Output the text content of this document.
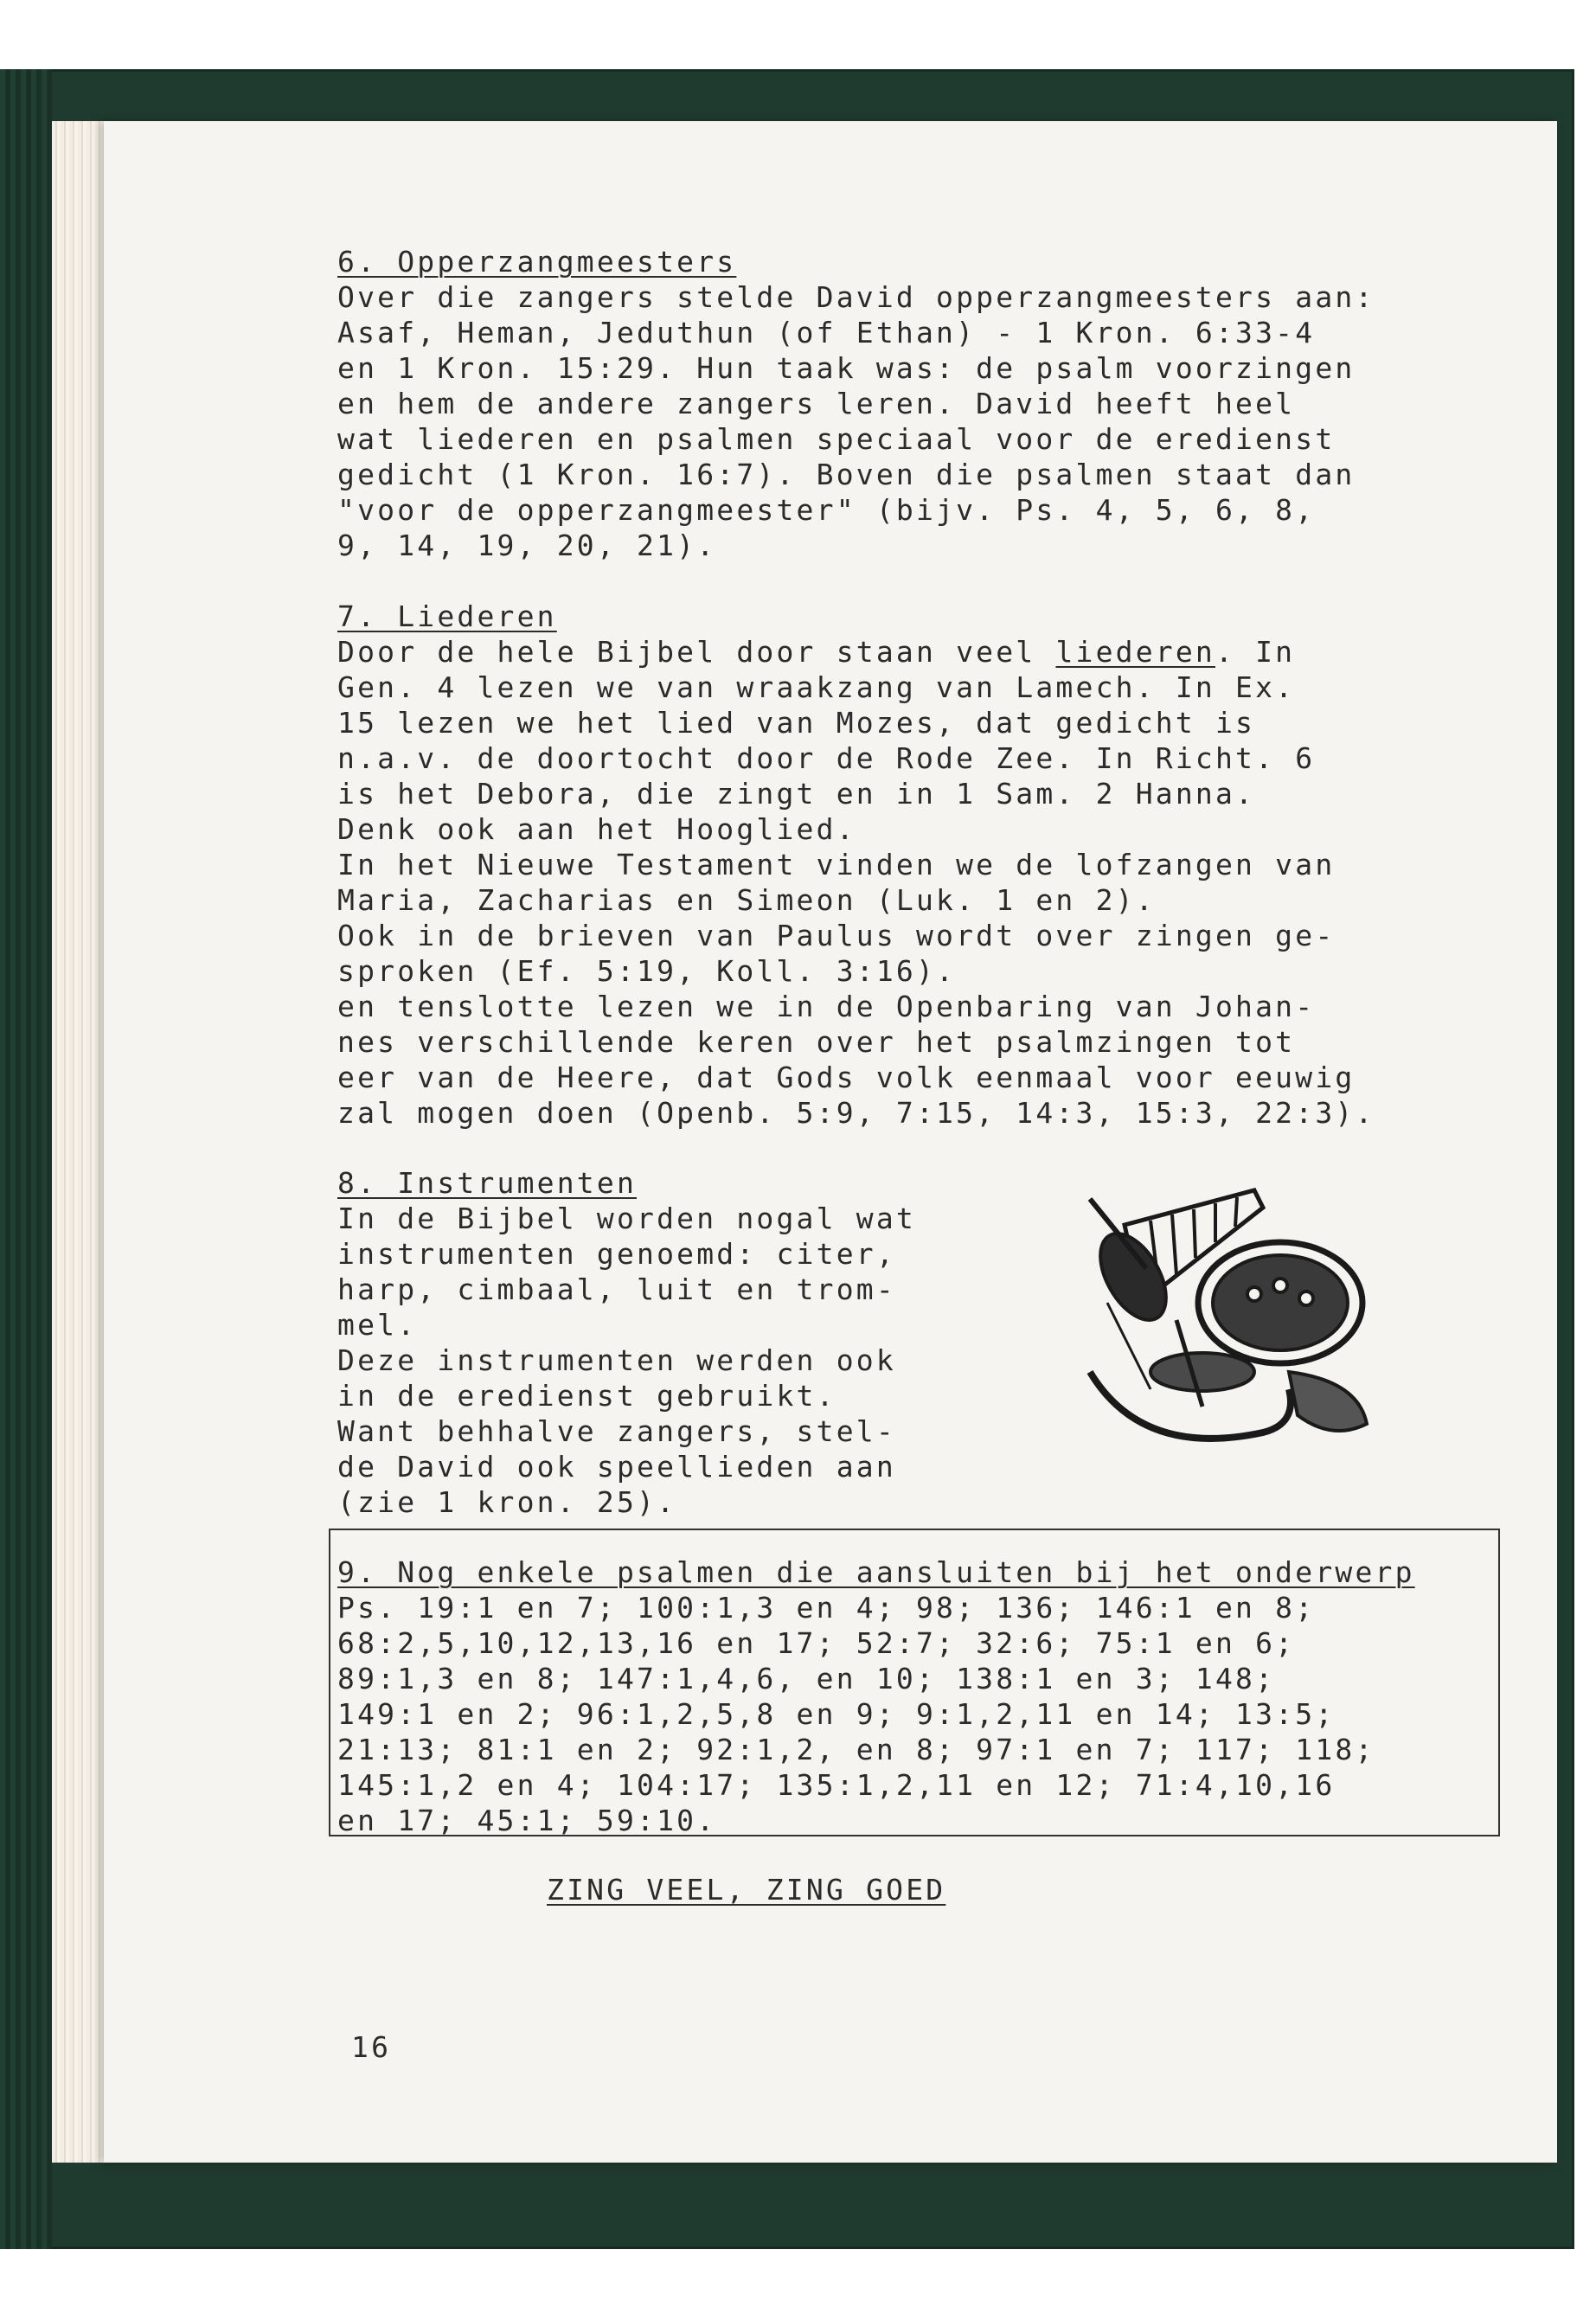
6. Opperzangmeesters
Over die zangers stelde David opperzangmeesters aan:
Asaf, Heman, Jeduthun (of Ethan) - 1 Kron. 6:33-4
en 1 Kron. 15:29. Hun taak was: de psalm voorzingen
en hem de andere zangers leren. David heeft heel
wat liederen en psalmen speciaal voor de eredienst
gedicht (1 Kron. 16:7). Boven die psalmen staat dan
"voor de opperzangmeester" (bijv. Ps. 4, 5, 6, 8,
9, 14, 19, 20, 21).
7. Liederen
Door de hele Bijbel door staan veel liederen. In
Gen. 4 lezen we van wraakzang van Lamech. In Ex.
15 lezen we het lied van Mozes, dat gedicht is
n.a.v. de doortocht door de Rode Zee. In Richt. 6
is het Debora, die zingt en in 1 Sam. 2 Hanna.
Denk ook aan het Hooglied.
In het Nieuwe Testament vinden we de lofzangen van
Maria, Zacharias en Simeon (Luk. 1 en 2).
Ook in de brieven van Paulus wordt over zingen ge-
sproken (Ef. 5:19, Koll. 3:16).
en tenslotte lezen we in de Openbaring van Johan-
nes verschillende keren over het psalmzingen tot
eer van de Heere, dat Gods volk eenmaal voor eeuwig
zal mogen doen (Openb. 5:9, 7:15, 14:3, 15:3, 22:3).
8. Instrumenten
In de Bijbel worden nogal wat
instrumenten genoemd: citer,
harp, cimbaal, luit en trom-
mel.
Deze instrumenten werden ook
in de eredienst gebruikt.
Want behhalve zangers, stel-
de David ook speellieden aan
(zie 1 kron. 25).
9. Nog enkele psalmen die aansluiten bij het onderwerp
Ps. 19:1 en 7; 100:1,3 en 4; 98; 136; 146:1 en 8;
68:2,5,10,12,13,16 en 17; 52:7; 32:6; 75:1 en 6;
89:1,3 en 8; 147:1,4,6, en 10; 138:1 en 3; 148;
149:1 en 2; 96:1,2,5,8 en 9; 9:1,2,11 en 14; 13:5;
21:13; 81:1 en 2; 92:1,2, en 8; 97:1 en 7; 117; 118;
145:1,2 en 4; 104:17; 135:1,2,11 en 12; 71:4,10,16
en 17; 45:1; 59:10.
ZING VEEL, ZING GOED
16
